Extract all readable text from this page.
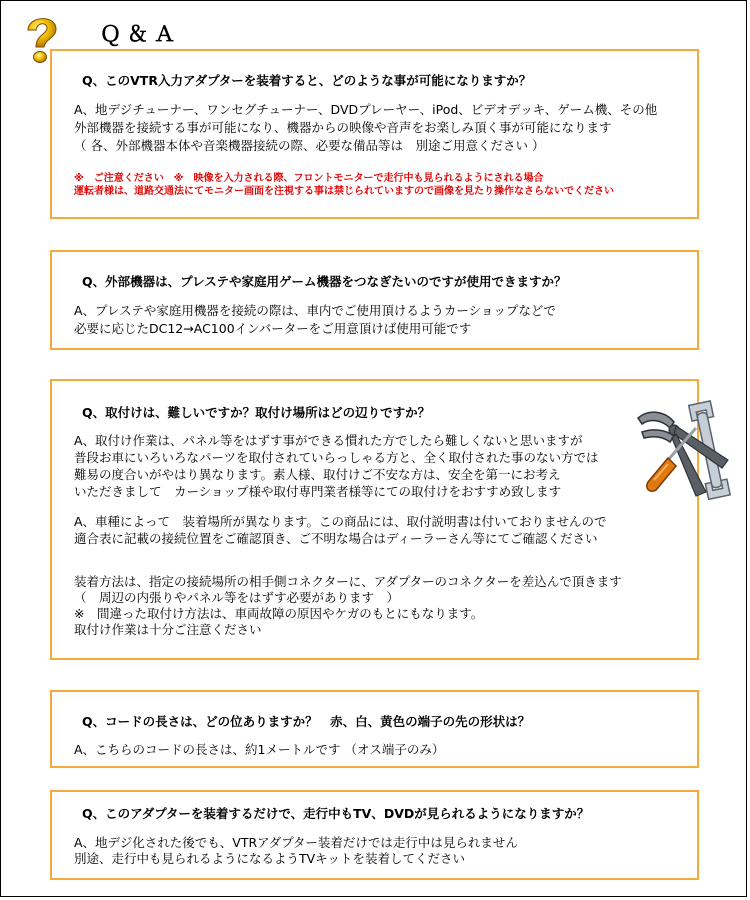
Ｑ＆Ａ
Q、このVTR入力アダプターを装着すると、どのような事が可能になりますか？
A、地デジチューナー、ワンセグチューナー、DVDプレーヤー、iPod、ビデオデッキ、ゲーム機、その他
外部機器を接続する事が可能になり、機器からの映像や音声をお楽しみ頂く事が可能になります
（ 各、外部機器本体や音楽機器接続の際、必要な備品等は　別途ご用意ください ）
※　ご注意ください　※　映像を入力される際、フロントモニターで走行中も見られるようにされる場合
運転者様は、道路交通法にてモニター画面を注視する事は禁じられていますので画像を見たり操作なさらないでください
Q、外部機器は、プレステや家庭用ゲーム機器をつなぎたいのですが使用できますか？
A、プレステや家庭用機器を接続の際は、車内でご使用頂けるようカーショップなどで
必要に応じたDC12→AC100インバーターをご用意頂けば使用可能です
Q、取付けは、難しいですか？取付け場所はどの辺りですか？
A、取付け作業は、パネル等をはずす事ができる慣れた方でしたら難しくないと思いますが
普段お車にいろいろなパーツを取付されていらっしゃる方と、全く取付された事のない方では
難易の度合いがやはり異なります。素人様、取付けご不安な方は、安全を第一にお考え
いただきまして　カーショップ様や取付専門業者様等にての取付けをおすすめ致します
A、車種によって　装着場所が異なります。この商品には、取付説明書は付いておりませんので
適合表に記載の接続位置をご確認頂き、ご不明な場合はディーラーさん等にてご確認ください
装着方法は、指定の接続場所の相手側コネクターに、アダプターのコネクターを差込んで頂きます
（　周辺の内張りやパネル等をはずす必要があります　）
※　間違った取付け方法は、車両故障の原因やケガのもとにもなります。
取付け作業は十分ご注意ください
Q、コードの長さは、どの位ありますか？　赤、白、黄色の端子の先の形状は？
A、こちらのコードの長さは、約1メートルです （オス端子のみ）
Q、このアダプターを装着するだけで、走行中もTV、DVDが見られるようになりますか？
A、地デジ化された後でも、VTRアダプター装着だけでは走行中は見られません
別途、走行中も見られるようになるようTVキットを装着してください
